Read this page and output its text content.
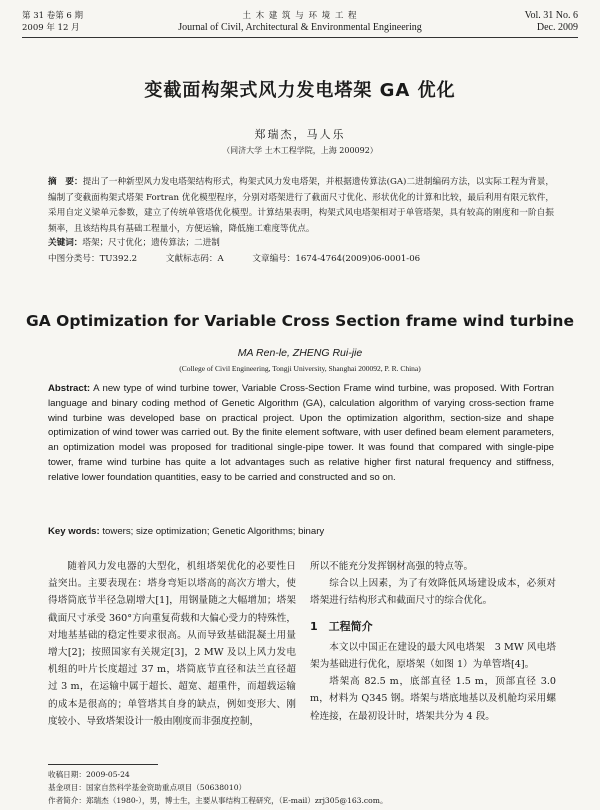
第 31 卷第 6 期
2009 年 12 月
土 木 建 筑 与 环 境 工 程
Journal of Civil, Architectural & Environmental Engineering
Vol. 31 No. 6
Dec. 2009
变截面构架式风力发电塔架 GA 优化
郑瑞杰，马人乐
（同济大学 土木工程学院，上海 200092）
摘　要：提出了一种新型风力发电塔架结构形式，构架式风力发电塔架，并根据遗传算法(GA)二进制编码方法，以实际工程为背景，编制了变截面构架式塔架 Fortran 优化模型程序，分别对塔架进行了截面尺寸优化、形状优化的计算和比较，最后利用有限元软件，采用自定义梁单元参数，建立了传统单管塔优化模型。计算结果表明，构架式风电塔架相对于单管塔架，具有较高的刚度和一阶自振频率，且该结构具有基础工程量小，方便运输，降低施工难度等优点。
关键词：塔架；尺寸优化；遗传算法；二进制
中图分类号：TU392.2	文献标志码：A	文章编号：1674-4764(2009)06-0001-06
GA Optimization for Variable Cross Section frame wind turbine
MA Ren-le, ZHENG Rui-jie
(College of Civil Engineering, Tongji University, Shanghai 200092, P. R. China)
Abstract: A new type of wind turbine tower, Variable Cross-Section Frame wind turbine, was proposed. With Fortran language and binary coding method of Genetic Algorithm (GA), calculation algorithm of varying cross-section frame wind turbine was developed base on practical project. Upon the optimization algorithm, section-size and shape optimization of wind tower was carried out. By the finite element software, with user defined beam element parameters, an optimization model was proposed for traditional single-pipe tower. It was found that compared with single-pipe tower, frame wind turbine has quite a lot advantages such as relative higher first natural frequency and stiffness, relative lower foundation quantities, easy to be carried and constructed and so on.
Key words: towers; size optimization; Genetic Algorithms; binary

随着风力发电器的大型化，机组塔架优化的必要性日益突出。主要表现在：塔身弯矩以塔高的高次方增大，使得塔筒底节半径急剧增大[1]，用钢量随之大幅增加；塔架截面尺寸承受 360°方向重复荷载和大偏心受力的特殊性，对地基基础的稳定性要求很高。从而导致基础混凝土用量增大[2]；按照国家有关规定[3]，2 MW 及以上风力发电机组的叶片长度超过 37 m，塔筒底节直径和法兰直径超过 3 m，在运输中属于超长、超宽、超重件，而超载运输的成本是很高的；单管塔其自身的缺点，例如变形大、刚度较小、导致塔架设计一般由刚度而非强度控制，

所以不能充分发挥钢材高强的特点等。

综合以上因素，为了有效降低风场建设成本，必须对塔架进行结构形式和截面尺寸的综合优化。

1　工程简介

本文以中国正在建设的最大风电塔架　3 MW 风电塔架为基础进行优化，原塔架（如图 1）为单管塔[4]。

塔架高 82.5 m，底部直径 1.5 m，顶部直径 3.0 m，材料为 Q345 钢。塔架与塔底地基以及机舱均采用螺栓连接，在最初设计时，塔架共分为 4 段。

收稿日期：2009-05-24
基金项目：国家自然科学基金资助重点项目（50638010）
作者简介：郑瑞杰（1980-），男，博士生，主要从事结构工程研究，（E-mail）zrj305@163.com。
